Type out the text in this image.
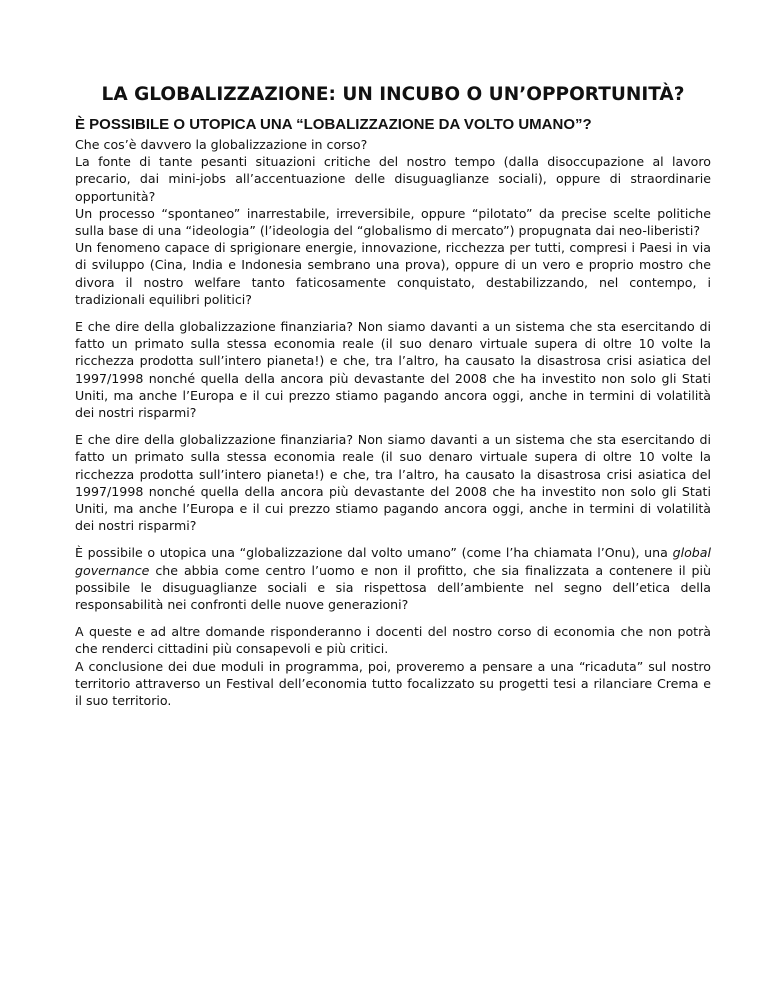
LA GLOBALIZZAZIONE: UN INCUBO O UN’OPPORTUNITÀ?
È POSSIBILE O UTOPICA UNA “LOBALIZZAZIONE DA VOLTO UMANO”?

Che cos’è davvero la globalizzazione in corso?
La fonte di tante pesanti situazioni critiche del nostro tempo (dalla disoccupazione al lavoro precario, dai mini-jobs all’accentuazione delle disuguaglianze sociali), oppure di straordinarie opportunità?
Un processo “spontaneo” inarrestabile, irreversibile, oppure “pilotato” da precise scelte politiche sulla base di una “ideologia” (l’ideologia del “globalismo di mercato”) propugnata dai neo-liberisti?
Un fenomeno capace di sprigionare energie, innovazione, ricchezza per tutti, compresi i Paesi in via di sviluppo (Cina, India e Indonesia sembrano una prova), oppure di un vero e proprio mostro che divora il nostro welfare tanto faticosamente conquistato, destabilizzando, nel contempo, i tradizionali equilibri politici?

E che dire della globalizzazione finanziaria? Non siamo davanti a un sistema che sta esercitando di fatto un primato sulla stessa economia reale (il suo denaro virtuale supera di oltre 10 volte la ricchezza prodotta sull’intero pianeta!) e che, tra l’altro, ha causato la disastrosa crisi asiatica del 1997/1998 nonché quella della ancora più devastante del 2008 che ha investito non solo gli Stati Uniti, ma anche l’Europa e il cui prezzo stiamo pagando ancora oggi, anche in termini di volatilità dei nostri risparmi?

E che dire della globalizzazione finanziaria? Non siamo davanti a un sistema che sta esercitando di fatto un primato sulla stessa economia reale (il suo denaro virtuale supera di oltre 10 volte la ricchezza prodotta sull’intero pianeta!) e che, tra l’altro, ha causato la disastrosa crisi asiatica del 1997/1998 nonché quella della ancora più devastante del 2008 che ha investito non solo gli Stati Uniti, ma anche l’Europa e il cui prezzo stiamo pagando ancora oggi, anche in termini di volatilità dei nostri risparmi?

È possibile o utopica una “globalizzazione dal volto umano” (come l’ha chiamata l’Onu), una global governance che abbia come centro l’uomo e non il profitto, che sia finalizzata a contenere il più possibile le disuguaglianze sociali e sia rispettosa dell’ambiente nel segno dell’etica della responsabilità nei confronti delle nuove generazioni?

A queste e ad altre domande risponderanno i docenti del nostro corso di economia che non potrà che renderci cittadini più consapevoli e più critici.
A conclusione dei due moduli in programma, poi, proveremo a pensare a una “ricaduta” sul nostro territorio attraverso un Festival dell’economia tutto focalizzato su progetti tesi a rilanciare Crema e il suo territorio.
